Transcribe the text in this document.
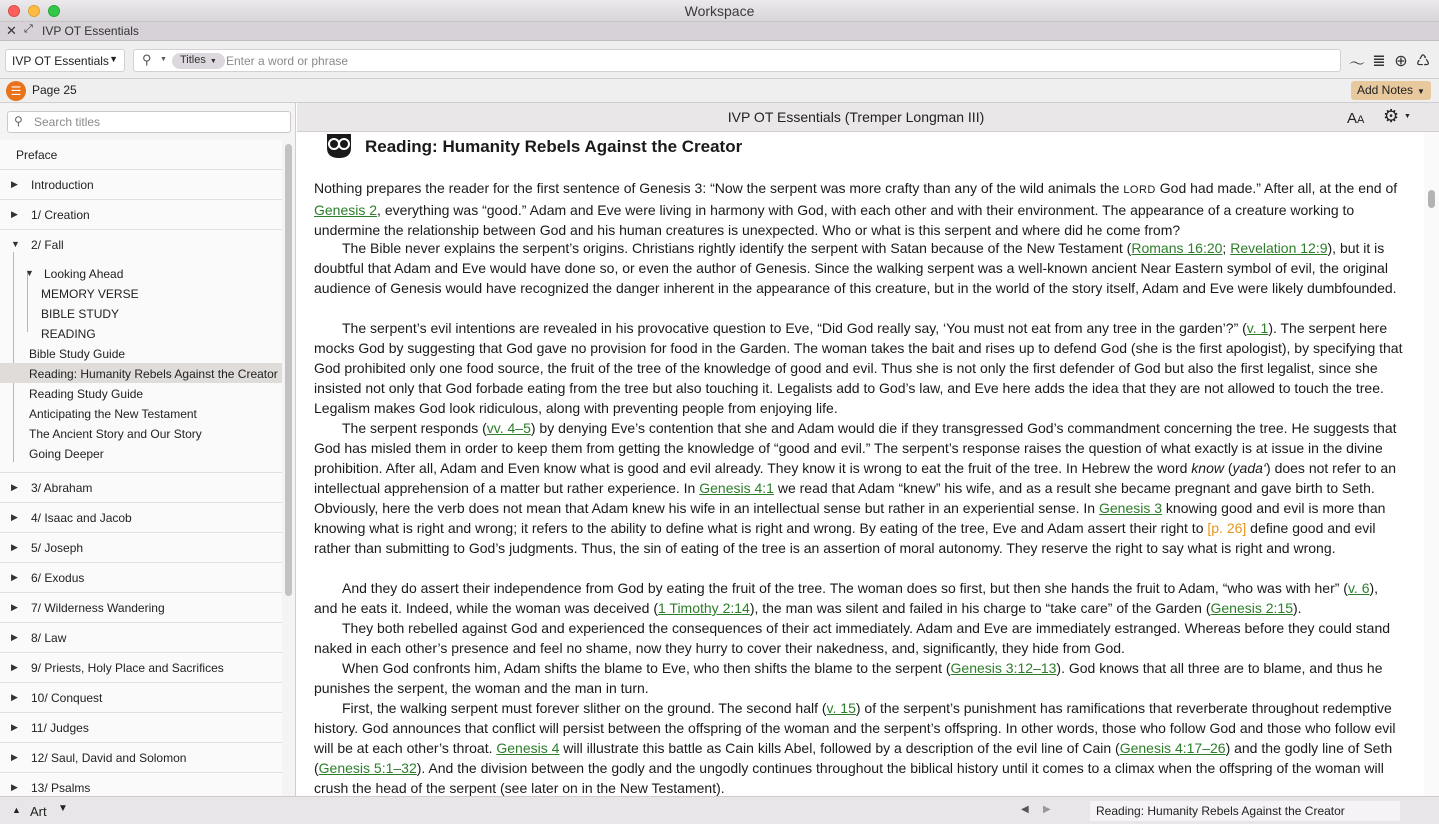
Workspace
✕ ⤢ IVP OT Essentials
IVP OT Essentials ▼ ⚲ ▼	Titles ▼
Enter a word or phrase	〜 ≣ ⊕ ♺
☰ Page 25	Add Notes ▼
⚲
Search titles
Preface
▶ Introduction
▶ 1/ Creation
▼ 2/ Fall
▼ Looking Ahead
MEMORY VERSE
BIBLE STUDY
READING
Bible Study Guide
Reading: Humanity Rebels Against the Creator
Reading Study Guide
Anticipating the New Testament
The Ancient Story and Our Story
Going Deeper
▶ 3/ Abraham
▶ 4/ Isaac and Jacob
▶ 5/ Joseph
▶ 6/ Exodus
▶ 7/ Wilderness Wandering
▶ 8/ Law
▶ 9/ Priests, Holy Place and Sacrifices
▶ 10/ Conquest
▶ 11/ Judges
▶ 12/ Saul, David and Solomon
▶ 13/ Psalms
IVP OT Essentials (Tremper Longman III)	AA ⚙ ▼
Reading: Humanity Rebels Against the Creator
Nothing prepares the reader for the first sentence of Genesis 3: “Now the serpent was more crafty than any of the wild animals the LORD God had made.” After all, at the end of Genesis 2, everything was “good.” Adam and Eve were living in harmony with God, with each other and with their environment. The appearance of a creature working to undermine the relationship between God and his human creatures is unexpected. Who or what is this serpent and where did he come from?
The Bible never explains the serpent’s origins. Christians rightly identify the serpent with Satan because of the New Testament (Romans 16:20; Revelation 12:9), but it is doubtful that Adam and Eve would have done so, or even the author of Genesis. Since the walking serpent was a well-known ancient Near Eastern symbol of evil, the original audience of Genesis would have recognized the danger inherent in the appearance of this creature, but in the world of the story itself, Adam and Eve were likely dumbfounded.
The serpent’s evil intentions are revealed in his provocative question to Eve, “Did God really say, ‘You must not eat from any tree in the garden’?” (v. 1). The serpent here mocks God by suggesting that God gave no provision for food in the Garden. The woman takes the bait and rises up to defend God (she is the first apologist), by specifying that God prohibited only one food source, the fruit of the tree of the knowledge of good and evil. Thus she is not only the first defender of God but also the first legalist, since she insisted not only that God forbade eating from the tree but also touching it. Legalists add to God’s law, and Eve here adds the idea that they are not allowed to touch the tree. Legalism makes God look ridiculous, along with preventing people from enjoying life.
The serpent responds (vv. 4–5) by denying Eve’s contention that she and Adam would die if they transgressed God’s commandment concerning the tree. He suggests that God has misled them in order to keep them from getting the knowledge of “good and evil.” The serpent’s response raises the question of what exactly is at issue in the divine prohibition. After all, Adam and Even know what is good and evil already. They know it is wrong to eat the fruit of the tree. In Hebrew the word know (yada‘) does not refer to an intellectual apprehension of a matter but rather experience. In Genesis 4:1 we read that Adam “knew” his wife, and as a result she became pregnant and gave birth to Seth. Obviously, here the verb does not mean that Adam knew his wife in an intellectual sense but rather in an experiential sense. In Genesis 3 knowing good and evil is more than knowing what is right and wrong; it refers to the ability to define what is right and wrong. By eating of the tree, Eve and Adam assert their right to [p. 26] define good and evil rather than submitting to God’s judgments. Thus, the sin of eating of the tree is an assertion of moral autonomy. They reserve the right to say what is right and wrong.
And they do assert their independence from God by eating the fruit of the tree. The woman does so first, but then she hands the fruit to Adam, “who was with her” (v. 6), and he eats it. Indeed, while the woman was deceived (1 Timothy 2:14), the man was silent and failed in his charge to “take care” of the Garden (Genesis 2:15).
They both rebelled against God and experienced the consequences of their act immediately. Adam and Eve are immediately estranged. Whereas before they could stand naked in each other’s presence and feel no shame, now they hurry to cover their nakedness, and, significantly, they hide from God.
When God confronts him, Adam shifts the blame to Eve, who then shifts the blame to the serpent (Genesis 3:12–13). God knows that all three are to blame, and thus he punishes the serpent, the woman and the man in turn.
First, the walking serpent must forever slither on the ground. The second half (v. 15) of the serpent’s punishment has ramifications that reverberate throughout redemptive history. God announces that conflict will persist between the offspring of the woman and the serpent’s offspring. In other words, those who follow God and those who follow evil will be at each other’s throat. Genesis 4 will illustrate this battle as Cain kills Abel, followed by a description of the evil line of Cain (Genesis 4:17–26) and the godly line of Seth (Genesis 5:1–32). And the division between the godly and the ungodly continues throughout the biblical history until it comes to a climax when the offspring of the woman will crush the head of the serpent (see later on in the New Testament).
▲ Art ▼	◀ ▶	Reading: Humanity Rebels Against the Creator
